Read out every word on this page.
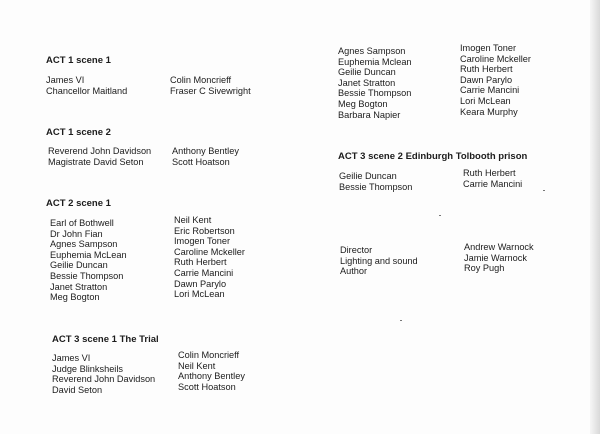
ACT 1 scene 1

James VI
Chancellor Maitland
Colin Moncrieff
Fraser C Sivewright

ACT 1 scene 2

Reverend John Davidson
Magistrate David Seton
Anthony Bentley
Scott Hoatson

ACT 2 scene 1

Earl of Bothwell
Dr John Fian
Agnes Sampson
Euphemia McLean
Geilie Duncan
Bessie Thompson
Janet Stratton
Meg Bogton
Neil Kent
Eric Robertson
Imogen Toner
Caroline Mckeller
Ruth Herbert
Carrie Mancini
Dawn Parylo
Lori McLean

ACT 3 scene 1 The Trial

James VI
Judge Blinksheils
Reverend John Davidson
David Seton
Colin Moncrieff
Neil Kent
Anthony Bentley
Scott Hoatson
Agnes Sampson
Euphemia Mclean
Geilie Duncan
Janet Stratton
Bessie Thompson
Meg Bogton
Barbara Napier
Imogen Toner
Caroline Mckeller
Ruth Herbert
Dawn Parylo
Carrie Mancini
Lori McLean
Keara Murphy

ACT 3 scene 2 Edinburgh Tolbooth prison

Geilie Duncan
Bessie Thompson
Ruth Herbert
Carrie Mancini
Director
Lighting and sound
Author
Andrew Warnock
Jamie Warnock
Roy Pugh
